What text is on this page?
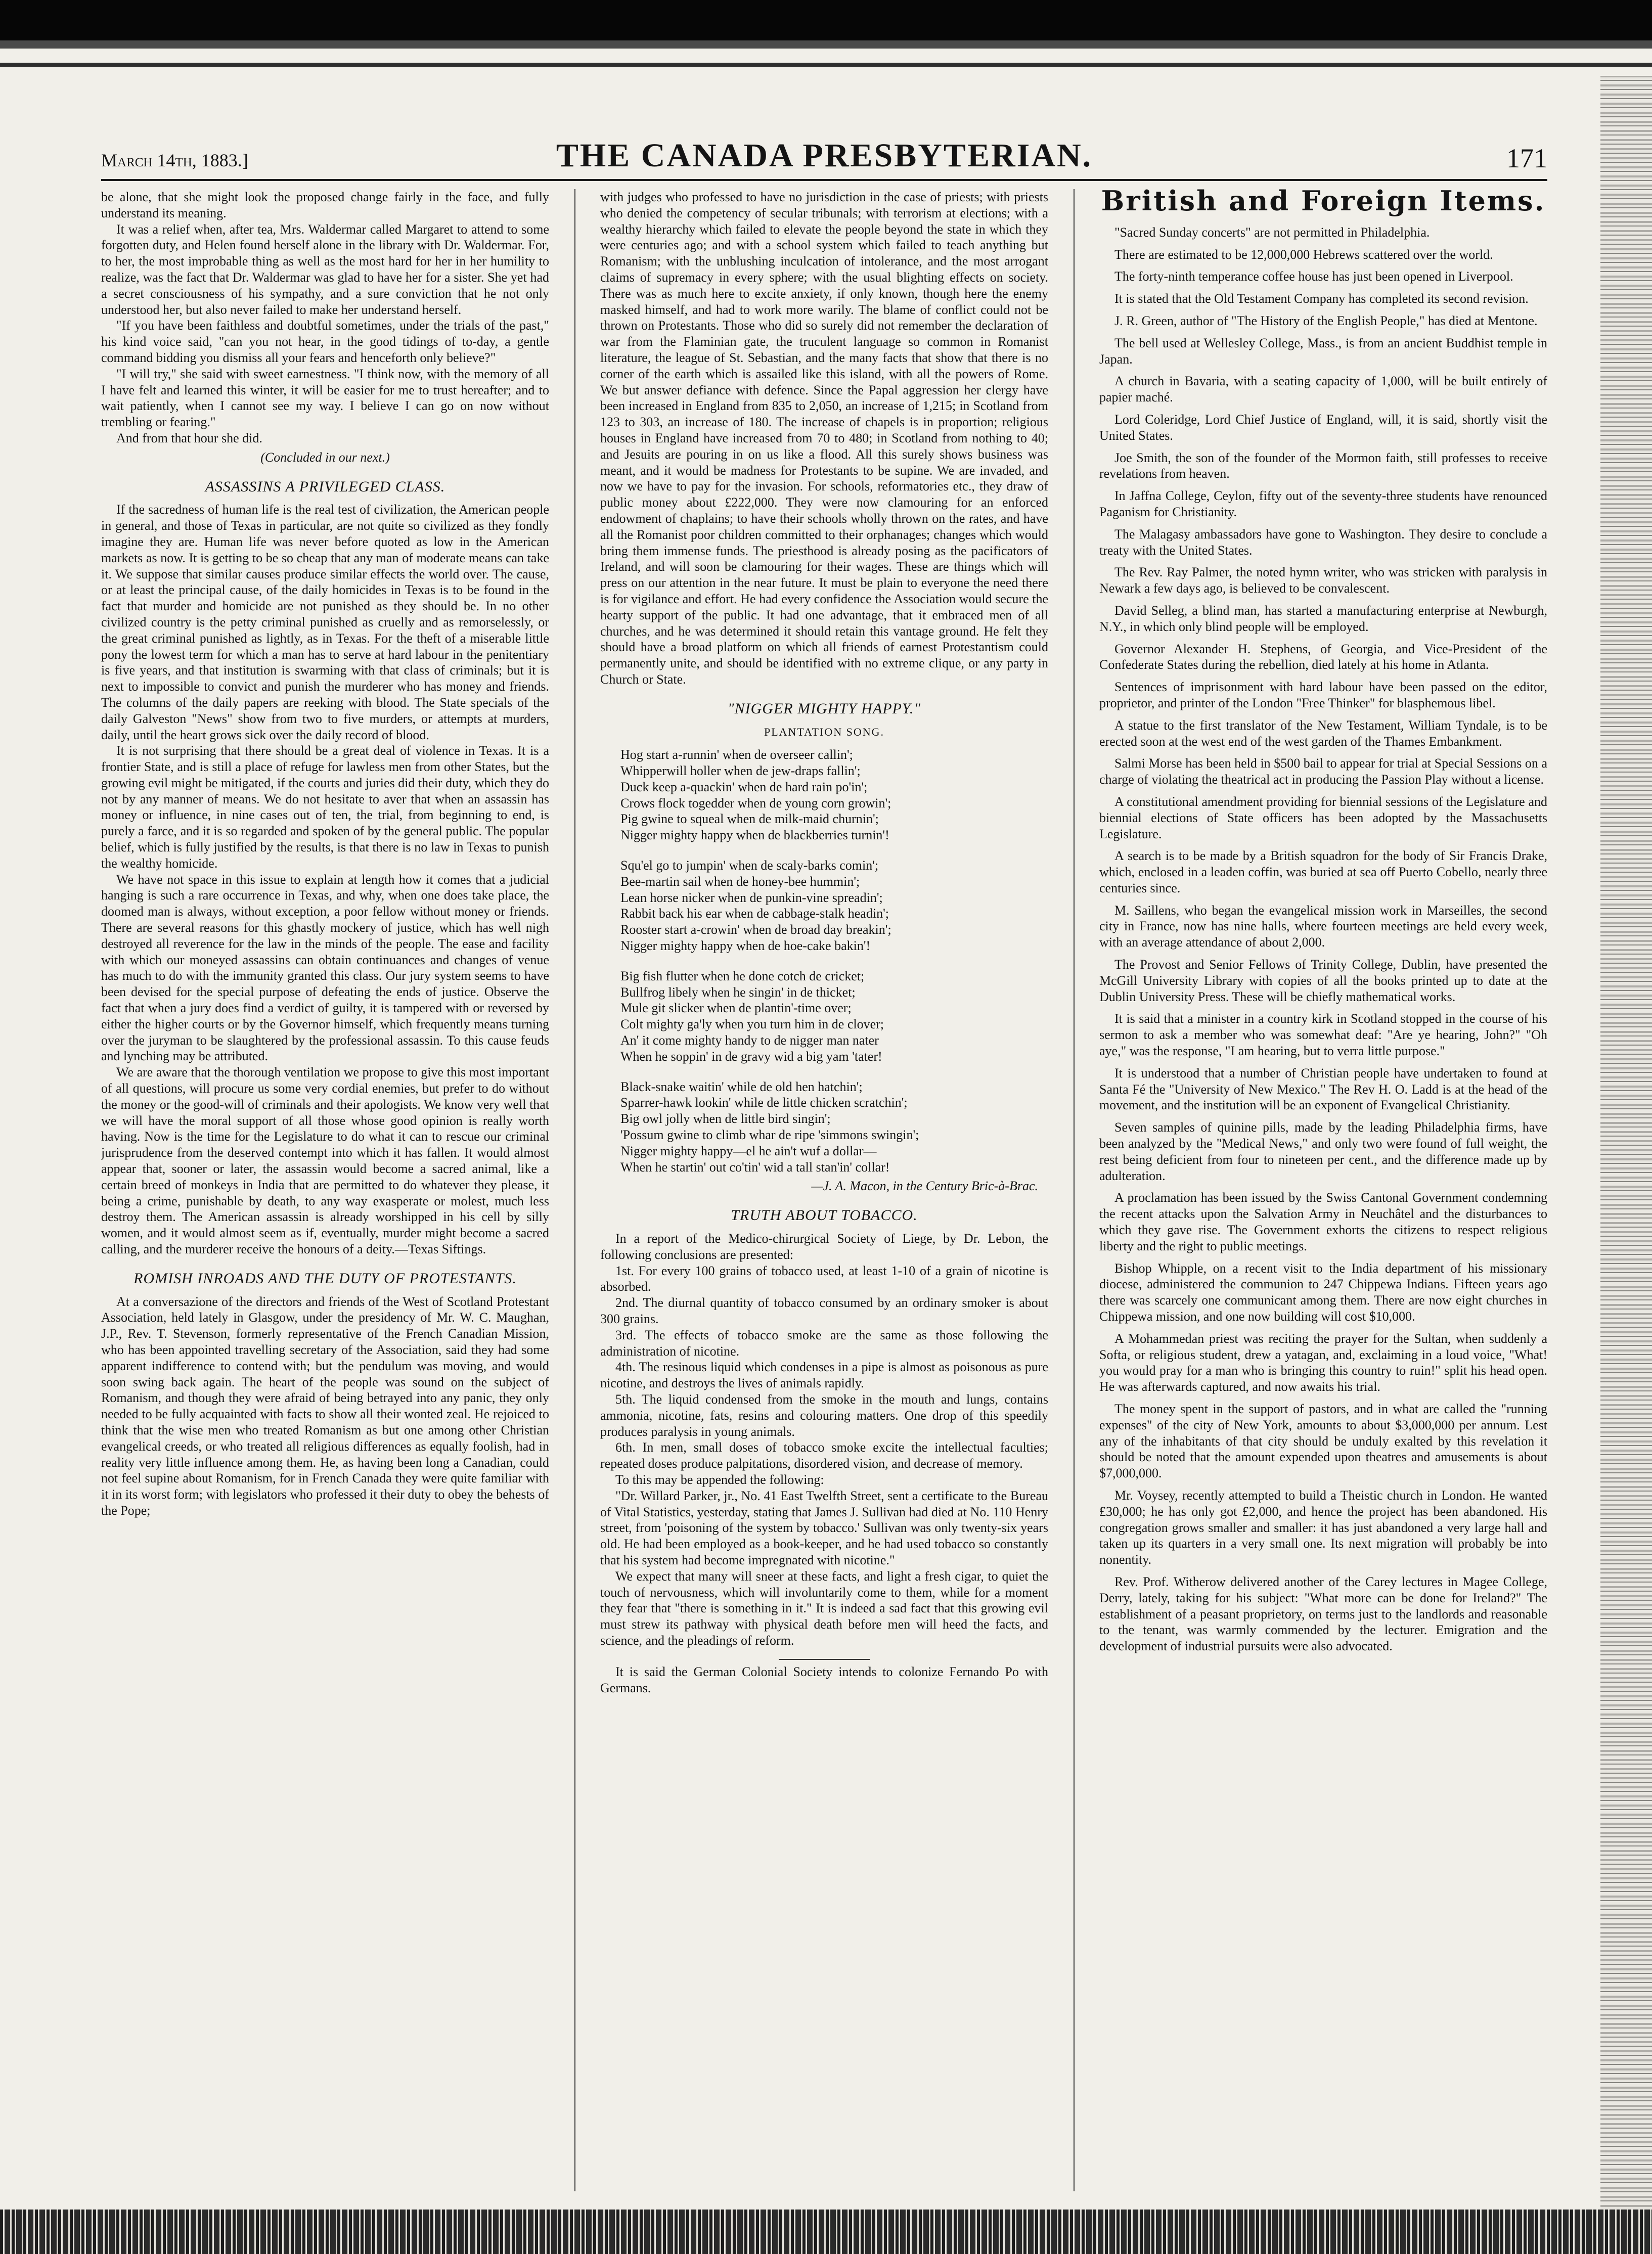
March 14th, 1883.]	THE CANADA PRESBYTERIAN.	171

be alone, that she might look the proposed change fairly in the face, and fully understand its meaning.

It was a relief when, after tea, Mrs. Waldermar called Margaret to attend to some forgotten duty, and Helen found herself alone in the library with Dr. Waldermar. For, to her, the most improbable thing as well as the most hard for her in her humility to realize, was the fact that Dr. Waldermar was glad to have her for a sister. She yet had a secret consciousness of his sympathy, and a sure conviction that he not only understood her, but also never failed to make her understand herself.

"If you have been faithless and doubtful sometimes, under the trials of the past," his kind voice said, "can you not hear, in the good tidings of to-day, a gentle command bidding you dismiss all your fears and henceforth only believe?"

"I will try," she said with sweet earnestness. "I think now, with the memory of all I have felt and learned this winter, it will be easier for me to trust hereafter; and to wait patiently, when I cannot see my way. I believe I can go on now without trembling or fearing."

And from that hour she did.

(Concluded in our next.)
ASSASSINS A PRIVILEGED CLASS.

If the sacredness of human life is the real test of civilization, the American people in general, and those of Texas in particular, are not quite so civilized as they fondly imagine they are. Human life was never before quoted as low in the American markets as now. It is getting to be so cheap that any man of moderate means can take it. We suppose that similar causes produce similar effects the world over. The cause, or at least the principal cause, of the daily homicides in Texas is to be found in the fact that murder and homicide are not punished as they should be. In no other civilized country is the petty criminal punished as cruelly and as remorselessly, or the great criminal punished as lightly, as in Texas. For the theft of a miserable little pony the lowest term for which a man has to serve at hard labour in the penitentiary is five years, and that institution is swarming with that class of criminals; but it is next to impossible to convict and punish the murderer who has money and friends. The columns of the daily papers are reeking with blood. The State specials of the daily Galveston "News" show from two to five murders, or attempts at murders, daily, until the heart grows sick over the daily record of blood.

It is not surprising that there should be a great deal of violence in Texas. It is a frontier State, and is still a place of refuge for lawless men from other States, but the growing evil might be mitigated, if the courts and juries did their duty, which they do not by any manner of means. We do not hesitate to aver that when an assassin has money or influence, in nine cases out of ten, the trial, from beginning to end, is purely a farce, and it is so regarded and spoken of by the general public. The popular belief, which is fully justified by the results, is that there is no law in Texas to punish the wealthy homicide.

We have not space in this issue to explain at length how it comes that a judicial hanging is such a rare occurrence in Texas, and why, when one does take place, the doomed man is always, without exception, a poor fellow without money or friends. There are several reasons for this ghastly mockery of justice, which has well nigh destroyed all reverence for the law in the minds of the people. The ease and facility with which our moneyed assassins can obtain continuances and changes of venue has much to do with the immunity granted this class. Our jury system seems to have been devised for the special purpose of defeating the ends of justice. Observe the fact that when a jury does find a verdict of guilty, it is tampered with or reversed by either the higher courts or by the Governor himself, which frequently means turning over the juryman to be slaughtered by the professional assassin. To this cause feuds and lynching may be attributed.

We are aware that the thorough ventilation we propose to give this most important of all questions, will procure us some very cordial enemies, but prefer to do without the money or the good-will of criminals and their apologists. We know very well that we will have the moral support of all those whose good opinion is really worth having. Now is the time for the Legislature to do what it can to rescue our criminal jurisprudence from the deserved contempt into which it has fallen. It would almost appear that, sooner or later, the assassin would become a sacred animal, like a certain breed of monkeys in India that are permitted to do whatever they please, it being a crime, punishable by death, to any way exasperate or molest, much less destroy them. The American assassin is already worshipped in his cell by silly women, and it would almost seem as if, eventually, murder might become a sacred calling, and the murderer receive the honours of a deity.—Texas Siftings.

ROMISH INROADS AND THE DUTY OF PROTESTANTS.

At a conversazione of the directors and friends of the West of Scotland Protestant Association, held lately in Glasgow, under the presidency of Mr. W. C. Maughan, J.P., Rev. T. Stevenson, formerly representative of the French Canadian Mission, who has been appointed travelling secretary of the Association, said they had some apparent indifference to contend with; but the pendulum was moving, and would soon swing back again. The heart of the people was sound on the subject of Romanism, and though they were afraid of being betrayed into any panic, they only needed to be fully acquainted with facts to show all their wonted zeal. He rejoiced to think that the wise men who treated Romanism as but one among other Christian evangelical creeds, or who treated all religious differences as equally foolish, had in reality very little influence among them. He, as having been long a Canadian, could not feel supine about Romanism, for in French Canada they were quite familiar with it in its worst form; with legislators who professed it their duty to obey the behests of the Pope;

with judges who professed to have no jurisdiction in the case of priests; with priests who denied the competency of secular tribunals; with terrorism at elections; with a wealthy hierarchy which failed to elevate the people beyond the state in which they were centuries ago; and with a school system which failed to teach anything but Romanism; with the unblushing inculcation of intolerance, and the most arrogant claims of supremacy in every sphere; with the usual blighting effects on society. There was as much here to excite anxiety, if only known, though here the enemy masked himself, and had to work more warily. The blame of conflict could not be thrown on Protestants. Those who did so surely did not remember the declaration of war from the Flaminian gate, the truculent language so common in Romanist literature, the league of St. Sebastian, and the many facts that show that there is no corner of the earth which is assailed like this island, with all the powers of Rome. We but answer defiance with defence. Since the Papal aggression her clergy have been increased in England from 835 to 2,050, an increase of 1,215; in Scotland from 123 to 303, an increase of 180. The increase of chapels is in proportion; religious houses in England have increased from 70 to 480; in Scotland from nothing to 40; and Jesuits are pouring in on us like a flood. All this surely shows business was meant, and it would be madness for Protestants to be supine. We are invaded, and now we have to pay for the invasion. For schools, reformatories etc., they draw of public money about £222,000. They were now clamouring for an enforced endowment of chaplains; to have their schools wholly thrown on the rates, and have all the Romanist poor children committed to their orphanages; changes which would bring them immense funds. The priesthood is already posing as the pacificators of Ireland, and will soon be clamouring for their wages. These are things which will press on our attention in the near future. It must be plain to everyone the need there is for vigilance and effort. He had every confidence the Association would secure the hearty support of the public. It had one advantage, that it embraced men of all churches, and he was determined it should retain this vantage ground. He felt they should have a broad platform on which all friends of earnest Protestantism could permanently unite, and should be identified with no extreme clique, or any party in Church or State.

"NIGGER MIGHTY HAPPY."
PLANTATION SONG.
Hog start a-runnin' when de overseer callin';
Whipperwill holler when de jew-draps fallin';
Duck keep a-quackin' when de hard rain po'in';
Crows flock togedder when de young corn growin';
Pig gwine to squeal when de milk-maid churnin';
Nigger mighty happy when de blackberries turnin'!
Squ'el go to jumpin' when de scaly-barks comin';
Bee-martin sail when de honey-bee hummin';
Lean horse nicker when de punkin-vine spreadin';
Rabbit back his ear when de cabbage-stalk headin';
Rooster start a-crowin' when de broad day breakin';
Nigger mighty happy when de hoe-cake bakin'!
Big fish flutter when he done cotch de cricket;
Bullfrog libely when he singin' in de thicket;
Mule git slicker when de plantin'-time over;
Colt mighty ga'ly when you turn him in de clover;
An' it come mighty handy to de nigger man nater
When he soppin' in de gravy wid a big yam 'tater!
Black-snake waitin' while de old hen hatchin';
Sparrer-hawk lookin' while de little chicken scratchin';
Big owl jolly when de little bird singin';
'Possum gwine to climb whar de ripe 'simmons swingin';
Nigger mighty happy—el he ain't wuf a dollar—
When he startin' out co'tin' wid a tall stan'in' collar!
—J. A. Macon, in the Century Bric-à-Brac.
TRUTH ABOUT TOBACCO.

In a report of the Medico-chirurgical Society of Liege, by Dr. Lebon, the following conclusions are presented:

1st. For every 100 grains of tobacco used, at least 1-10 of a grain of nicotine is absorbed.

2nd. The diurnal quantity of tobacco consumed by an ordinary smoker is about 300 grains.

3rd. The effects of tobacco smoke are the same as those following the administration of nicotine.

4th. The resinous liquid which condenses in a pipe is almost as poisonous as pure nicotine, and destroys the lives of animals rapidly.

5th. The liquid condensed from the smoke in the mouth and lungs, contains ammonia, nicotine, fats, resins and colouring matters. One drop of this speedily produces paralysis in young animals.

6th. In men, small doses of tobacco smoke excite the intellectual faculties; repeated doses produce palpitations, disordered vision, and decrease of memory.

To this may be appended the following:

"Dr. Willard Parker, jr., No. 41 East Twelfth Street, sent a certificate to the Bureau of Vital Statistics, yesterday, stating that James J. Sullivan had died at No. 110 Henry street, from 'poisoning of the system by tobacco.' Sullivan was only twenty-six years old. He had been employed as a book-keeper, and he had used tobacco so constantly that his system had become impregnated with nicotine."

We expect that many will sneer at these facts, and light a fresh cigar, to quiet the touch of nervousness, which will involuntarily come to them, while for a moment they fear that "there is something in it." It is indeed a sad fact that this growing evil must strew its pathway with physical death before men will heed the facts, and science, and the pleadings of reform.

It is said the German Colonial Society intends to colonize Fernando Po with Germans.

British and Foreign Items.

"Sacred Sunday concerts" are not permitted in Philadelphia.

There are estimated to be 12,000,000 Hebrews scattered over the world.

The forty-ninth temperance coffee house has just been opened in Liverpool.

It is stated that the Old Testament Company has completed its second revision.

J. R. Green, author of "The History of the English People," has died at Mentone.

The bell used at Wellesley College, Mass., is from an ancient Buddhist temple in Japan.

A church in Bavaria, with a seating capacity of 1,000, will be built entirely of papier maché.

Lord Coleridge, Lord Chief Justice of England, will, it is said, shortly visit the United States.

Joe Smith, the son of the founder of the Mormon faith, still professes to receive revelations from heaven.

In Jaffna College, Ceylon, fifty out of the seventy-three students have renounced Paganism for Christianity.

The Malagasy ambassadors have gone to Washington. They desire to conclude a treaty with the United States.

The Rev. Ray Palmer, the noted hymn writer, who was stricken with paralysis in Newark a few days ago, is believed to be convalescent.

David Selleg, a blind man, has started a manufacturing enterprise at Newburgh, N.Y., in which only blind people will be employed.

Governor Alexander H. Stephens, of Georgia, and Vice-President of the Confederate States during the rebellion, died lately at his home in Atlanta.

Sentences of imprisonment with hard labour have been passed on the editor, proprietor, and printer of the London "Free Thinker" for blasphemous libel.

A statue to the first translator of the New Testament, William Tyndale, is to be erected soon at the west end of the west garden of the Thames Embankment.

Salmi Morse has been held in $500 bail to appear for trial at Special Sessions on a charge of violating the theatrical act in producing the Passion Play without a license.

A constitutional amendment providing for biennial sessions of the Legislature and biennial elections of State officers has been adopted by the Massachusetts Legislature.

A search is to be made by a British squadron for the body of Sir Francis Drake, which, enclosed in a leaden coffin, was buried at sea off Puerto Cobello, nearly three centuries since.

M. Saillens, who began the evangelical mission work in Marseilles, the second city in France, now has nine halls, where fourteen meetings are held every week, with an average attendance of about 2,000.

The Provost and Senior Fellows of Trinity College, Dublin, have presented the McGill University Library with copies of all the books printed up to date at the Dublin University Press. These will be chiefly mathematical works.

It is said that a minister in a country kirk in Scotland stopped in the course of his sermon to ask a member who was somewhat deaf: "Are ye hearing, John?" "Oh aye," was the response, "I am hearing, but to verra little purpose."

It is understood that a number of Christian people have undertaken to found at Santa Fé the "University of New Mexico." The Rev H. O. Ladd is at the head of the movement, and the institution will be an exponent of Evangelical Christianity.

Seven samples of quinine pills, made by the leading Philadelphia firms, have been analyzed by the "Medical News," and only two were found of full weight, the rest being deficient from four to nineteen per cent., and the difference made up by adulteration.

A proclamation has been issued by the Swiss Cantonal Government condemning the recent attacks upon the Salvation Army in Neuchâtel and the disturbances to which they gave rise. The Government exhorts the citizens to respect religious liberty and the right to public meetings.

Bishop Whipple, on a recent visit to the India department of his missionary diocese, administered the communion to 247 Chippewa Indians. Fifteen years ago there was scarcely one communicant among them. There are now eight churches in Chippewa mission, and one now building will cost $10,000.

A Mohammedan priest was reciting the prayer for the Sultan, when suddenly a Softa, or religious student, drew a yatagan, and, exclaiming in a loud voice, "What! you would pray for a man who is bringing this country to ruin!" split his head open. He was afterwards captured, and now awaits his trial.

The money spent in the support of pastors, and in what are called the "running expenses" of the city of New York, amounts to about $3,000,000 per annum. Lest any of the inhabitants of that city should be unduly exalted by this revelation it should be noted that the amount expended upon theatres and amusements is about $7,000,000.

Mr. Voysey, recently attempted to build a Theistic church in London. He wanted £30,000; he has only got £2,000, and hence the project has been abandoned. His congregation grows smaller and smaller: it has just abandoned a very large hall and taken up its quarters in a very small one. Its next migration will probably be into nonentity.

Rev. Prof. Witherow delivered another of the Carey lectures in Magee College, Derry, lately, taking for his subject: "What more can be done for Ireland?" The establishment of a peasant proprietory, on terms just to the landlords and reasonable to the tenant, was warmly commended by the lecturer. Emigration and the development of industrial pursuits were also advocated.
